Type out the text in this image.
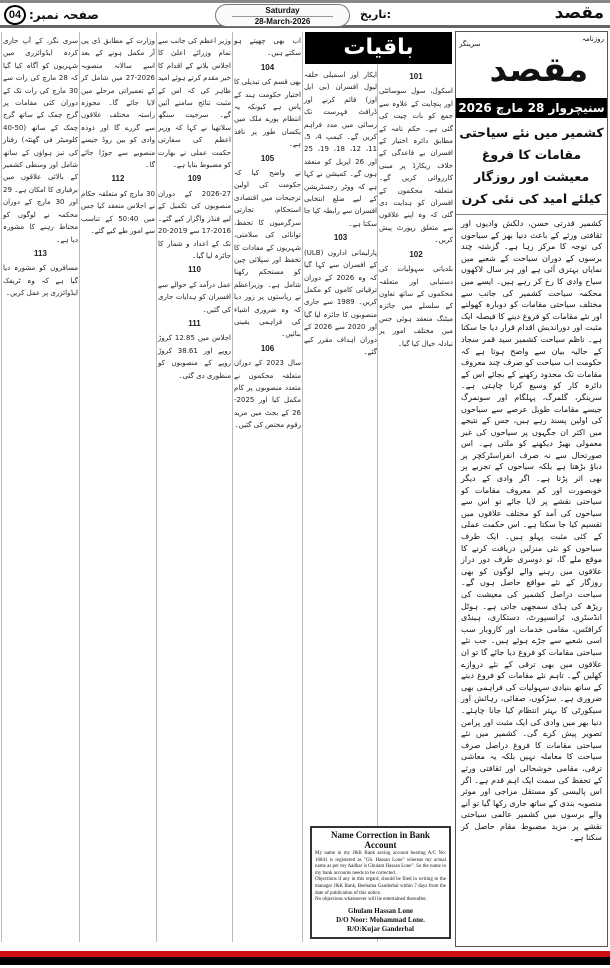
صفحہ نمبر:
04	Saturday
28-March-2026
تاریخ:	مقصد
101

اسکول، سول سوسائٹی اور پنچایت کے علاوہ سے جمع کو بات چیت کی گئی ہے۔ حکم نامہ کے مطابق دائرہ اختیار کے افسران بے قاعدگی کے خلاف ریکارڈ پر مبنی کارروائی کریں گے۔ متعلقہ محکموں کے افسران کو ہدایت دی گئی کہ وہ اپنے علاقوں سے متعلق رپورٹ پیش کریں۔

102

بلدیاتی سہولیات کی دستیابی اور متعلقہ محکموں کے ساتھ تعاون کے سلسلے میں جائزہ میٹنگ منعقد ہوئی جس میں مختلف امور پر تبادلہ خیال کیا گیا۔

ایکار اور اسمبلی حلقہ لیول افسران (بی ایل اوز) قائم کرنے اور ڈرافٹ فہرست تک رسائی میں مدد فراہم کریں گے۔ کیمپ 4، 5، 11، 12، 18، 19، 25 اور 26 اپریل کو منعقد ہوں گے۔ کمیشن نے کہا ہے کہ ووٹر رجسٹریشن کے لیے ضلع انتخابی افسران سے رابطہ کیا جا سکتا ہے۔

103

پارلیمانی اداروں (ULB) کے افسران سے کہا گیا کہ وہ 2026 کے دوران ترقیاتی کاموں کو مکمل کریں۔ 1989 سے جاری منصوبوں کا جائزہ لیا گیا اور 2020 سے 2026 کے دوران اہداف مقرر کیے گئے۔

اب بھی چھپتے ہو سکتے ہیں۔

104

بھی قسم کی تبدیلی کا اختیار حکومت ہند کے پاس ہے کیونکہ یہ انتظام پورے ملک میں یکساں طور پر نافذ ہے۔

105

نے واضح کیا کہ حکومت کی اولین ترجیحات میں اقتصادی استحکام، تجارتی سرگرمیوں کا تحفظ، توانائی کی سلامتی، شہریوں کے مفادات کا تحفظ اور سپلائی چین کو مستحکم رکھنا شامل ہے۔ وزیراعظم نے ریاستوں پر زور دیا کہ وہ ضروری اشیاء کی فراہمی یقینی بنائیں۔

106

سال 2023 کے دوران متعلقہ محکموں نے متعدد منصوبوں پر کام مکمل کیا اور 2025-26 کے بجٹ میں مزید رقوم مختص کی گئیں۔

وزیر اعظم کی جانب سے تمام وزرائے اعلیٰ کا اجلاس بلانے کے اقدام کا خیر مقدم کرتے ہوئے امید ظاہر کی کہ اس کے مثبت نتائج سامنے آئیں گے۔ سرجیت سنگھ سلاتھیا نے کہا کہ وزیر اعظم کی سفارتی حکمت عملی نے بھارت کو مضبوط بنایا ہے۔

109

2026-27 کے دوران منصوبوں کی تکمیل کے لیے فنڈز واگزار کیے گئے۔ 2016-17 سے 2019-20 تک کے اعداد و شمار کا جائزہ لیا گیا۔

110

عمل درآمد کے حوالے سے افسران کو ہدایات جاری کی گئیں۔

111

اجلاس میں 12.85 کروڑ روپے اور 38.61 کروڑ روپے کے منصوبوں کو منظوری دی گئی۔

وزارت کے مطابق ڈی پی آر مکمل ہونے کے بعد اسے سالانہ منصوبہ 2026-27 میں شامل کر کے تعمیراتی مرحلے میں لایا جائے گا۔ مجوزہ راستہ مختلف علاقوں سے گزرے گا اور ذوذہ وادی کو بین روڈ جیسے منصوبے سے جوڑا جائے گا۔

112

30 مارچ کو متعلقہ حکام نے اجلاس منعقد کیا جس میں 50:40 کے تناسب سے امور طے کیے گئے۔

سری نگر، کے آپ جاری کردہ ایڈوائزری میں شہریوں کو آگاہ کیا گیا کہ 28 مارچ کی رات سے 30 مارچ کی رات تک کے دوران کئی مقامات پر گرج چمک کے ساتھ گرج چمک کے ساتھ (50-40 کلومیٹر فی گھنٹہ) رفتار کی تیز ہواؤں کے ساتھ شامل اور وسطی کشمیر کے بالائی علاقوں میں برفباری کا امکان ہے۔ 29 اور 30 مارچ کے دوران محکمہ نے لوگوں کو محتاط رہنے کا مشورہ دیا ہے۔

113

مسافروں کو مشورہ دیا گیا ہے کہ وہ ٹریفک ایڈوائزری پر عمل کریں۔

باقیات	روزنامہ
سرینگر
مقصد
سنیچروار 28 مارچ 2026
کشمیر میں نئے سیاحتی مقامات کا فروغ
معیشت اور روزگار کیلئے امید کی نئی کرن
کشمیر قدرتی حسن، دلکش وادیوں اور ثقافتی ورثے کے باعث دنیا بھر کے سیاحوں کی توجہ کا مرکز رہا ہے۔ گزشتہ چند برسوں کے دوران سیاحت کے شعبے میں نمایاں بہتری آئی ہے اور ہر سال لاکھوں سیاح وادی کا رخ کر رہے ہیں۔ ایسے میں محکمہ سیاحت کشمیر کی جانب سے مختلف سیاحتی مقامات کو دوبارہ کھولنے اور نئے مقامات کو فروغ دینے کا فیصلہ ایک مثبت اور دوراندیش اقدام قرار دیا جا سکتا ہے۔ ناظم سیاحت کشمیر سید قمر سجاد کے حالیہ بیان سے واضح ہوتا ہے کہ حکومت اب سیاحت کو صرف چند معروف مقامات تک محدود رکھنے کے بجائے اس کے دائرہ کار کو وسیع کرنا چاہتی ہے۔ سرینگر، گلمرگ، پہلگام اور سونمرگ جیسے مقامات طویل عرصے سے سیاحوں کی اولین پسند رہے ہیں، جس کے نتیجے میں اکثر ان جگہوں پر سیاحوں کی غیر معمولی بھیڑ دیکھنے کو ملتی ہے۔ اس صورتحال سے نہ صرف انفراسٹرکچر پر دباؤ بڑھتا ہے بلکہ سیاحوں کے تجربے پر بھی اثر پڑتا ہے۔ اگر وادی کے دیگر خوبصورت اور کم معروف مقامات کو سیاحتی نقشے پر لایا جائے تو اس سے سیاحوں کی آمد کو مختلف علاقوں میں تقسیم کیا جا سکتا ہے۔ اس حکمت عملی کے کئی مثبت پہلو ہیں۔ ایک طرف سیاحوں کو نئی منزلیں دریافت کرنے کا موقع ملے گا، تو دوسری طرف دور دراز علاقوں میں رہنے والے لوگوں کو بھی روزگار کے نئے مواقع حاصل ہوں گے۔ سیاحت دراصل کشمیر کی معیشت کی ریڑھ کی ہڈی سمجھی جاتی ہے۔ ہوٹل انڈسٹری، ٹرانسپورٹ، دستکاری، ہینڈی کرافٹس، مقامی خدمات اور کاروبار سب اسی شعبے سے جڑے ہوئے ہیں۔ جب نئے سیاحتی مقامات کو فروغ دیا جائے گا تو ان علاقوں میں بھی ترقی کے نئے دروازے کھلیں گے۔ تاہم نئے مقامات کو فروغ دینے کے ساتھ بنیادی سہولیات کی فراہمی بھی ضروری ہے۔ سڑکوں، صفائی، رہائش اور سیکورٹی کا بہتر انتظام کیا جانا چاہئے۔ دنیا بھر میں وادی کی ایک مثبت اور پرامن تصویر پیش کرے گی۔ کشمیر میں نئے سیاحتی مقامات کا فروغ دراصل صرف سیاحت کا معاملہ نہیں بلکہ یہ معاشی ترقی، مقامی خوشحالی اور ثقافتی ورثے کے تحفظ کی سمت ایک اہم قدم ہے۔ اگر اس پالیسی کو مستقل مزاجی اور موثر منصوبہ بندی کے ساتھ جاری رکھا گیا تو آنے والے برسوں میں کشمیر عالمی سیاحتی نقشے پر مزید مضبوط مقام حاصل کر سکتا ہے۔
Name Correction in Bank Account

My name in my J&K Bank saving account bearing A/C No: 16841 is registered as "Gh. Hassan Lone" whereas my actual name as per my Aadhar is Ghulam Hassan Lone". So the name in my bank accounts needs to be corrected.

Objections if any in this regard, should be filed in writing to the manager J&K Bank, Beehama Ganderbal within 7 days from the date of publication of this notice.

No objections whatsoever will be entertained thereafter.

Ghulam Hassan Lone
D/O Noor: Mohammad Lone.
R/O:Kujar Ganderbal
